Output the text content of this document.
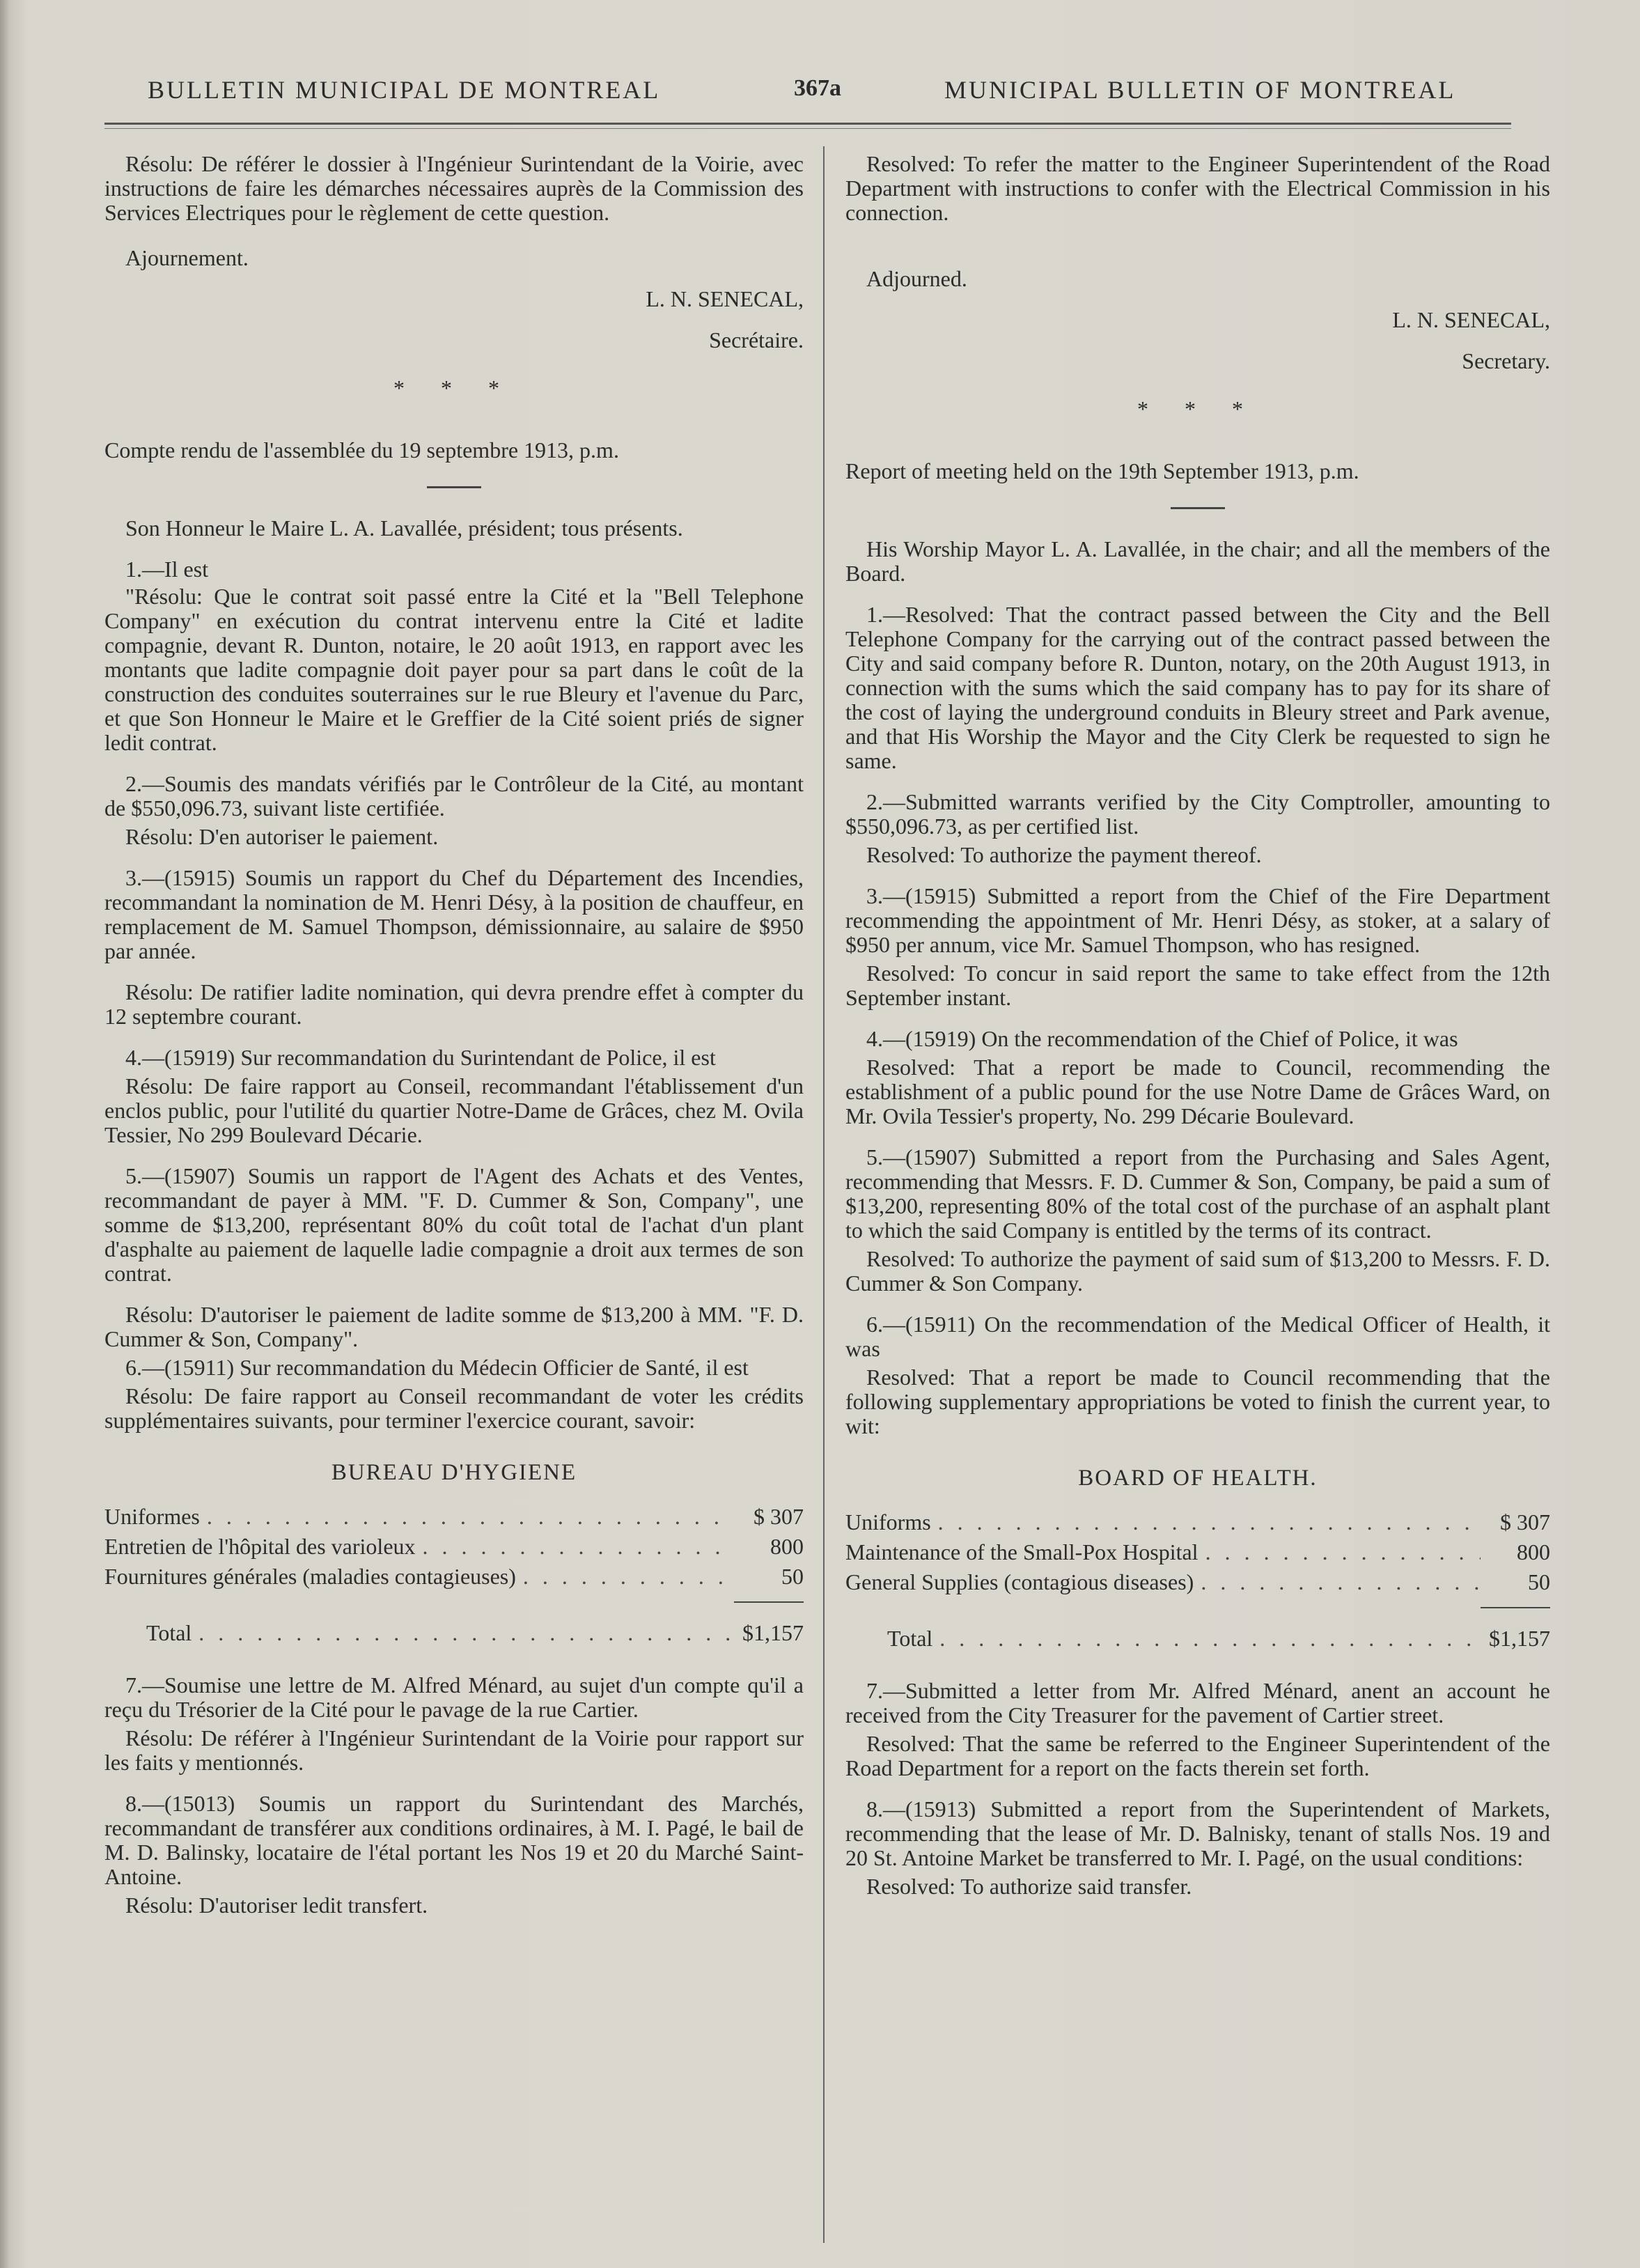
BULLETIN MUNICIPAL DE MONTREAL	367a	MUNICIPAL BULLETIN OF MONTREAL

Résolu: De référer le dossier à l'Ingénieur Surintendant de la Voirie, avec instructions de faire les démarches nécessaires auprès de la Commission des Services Electriques pour le règlement de cette question.

Ajournement.

L. N. SENECAL,

Secrétaire.

* * *

Compte rendu de l'assemblée du 19 septembre 1913, p.m.

Son Honneur le Maire L. A. Lavallée, président; tous présents.

1.—Il est

"Résolu: Que le contrat soit passé entre la Cité et la "Bell Telephone Company" en exécution du contrat intervenu entre la Cité et ladite compagnie, devant R. Dunton, notaire, le 20 août 1913, en rapport avec les montants que ladite compagnie doit payer pour sa part dans le coût de la construction des conduites souterraines sur le rue Bleury et l'avenue du Parc, et que Son Honneur le Maire et le Greffier de la Cité soient priés de signer ledit contrat.

2.—Soumis des mandats vérifiés par le Contrôleur de la Cité, au montant de $550,096.73, suivant liste certifiée.

Résolu: D'en autoriser le paiement.

3.—(15915) Soumis un rapport du Chef du Département des Incendies, recommandant la nomination de M. Henri Désy, à la position de chauffeur, en remplacement de M. Samuel Thompson, démissionnaire, au salaire de $950 par année.

Résolu: De ratifier ladite nomination, qui devra prendre effet à compter du 12 septembre courant.

4.—(15919) Sur recommandation du Surintendant de Police, il est

Résolu: De faire rapport au Conseil, recommandant l'établissement d'un enclos public, pour l'utilité du quartier Notre-Dame de Grâces, chez M. Ovila Tessier, No 299 Boulevard Décarie.

5.—(15907) Soumis un rapport de l'Agent des Achats et des Ventes, recommandant de payer à MM. "F. D. Cummer & Son, Company", une somme de $13,200, représentant 80% du coût total de l'achat d'un plant d'asphalte au paiement de laquelle ladie compagnie a droit aux termes de son contrat.

Résolu: D'autoriser le paiement de ladite somme de $13,200 à MM. "F. D. Cummer & Son, Company".

6.—(15911) Sur recommandation du Médecin Officier de Santé, il est

Résolu: De faire rapport au Conseil recommandant de voter les crédits supplémentaires suivants, pour terminer l'exercice courant, savoir:

BUREAU D'HYGIENE
Uniformes . . .	$ 307
Entretien de l'hôpital des varioleux . . .	800
Fournitures générales (maladies contagieuses) . . .	50
Total . . .	$1,157

7.—Soumise une lettre de M. Alfred Ménard, au sujet d'un compte qu'il a reçu du Trésorier de la Cité pour le pavage de la rue Cartier.

Résolu: De référer à l'Ingénieur Surintendant de la Voirie pour rapport sur les faits y mentionnés.

8.—(15013) Soumis un rapport du Surintendant des Marchés, recommandant de transférer aux conditions ordinaires, à M. I. Pagé, le bail de M. D. Balinsky, locataire de l'étal portant les Nos 19 et 20 du Marché Saint-Antoine.

Résolu: D'autoriser ledit transfert.

Resolved: To refer the matter to the Engineer Superintendent of the Road Department with instructions to confer with the Electrical Commission in his connection.

Adjourned.

L. N. SENECAL,

Secretary.

* * *

Report of meeting held on the 19th September 1913, p.m.

His Worship Mayor L. A. Lavallée, in the chair; and all the members of the Board.

1.—Resolved: That the contract passed between the City and the Bell Telephone Company for the carrying out of the contract passed between the City and said company before R. Dunton, notary, on the 20th August 1913, in connection with the sums which the said company has to pay for its share of the cost of laying the underground conduits in Bleury street and Park avenue, and that His Worship the Mayor and the City Clerk be requested to sign he same.

2.—Submitted warrants verified by the City Comptroller, amounting to $550,096.73, as per certified list.

Resolved: To authorize the payment thereof.

3.—(15915) Submitted a report from the Chief of the Fire Department recommending the appointment of Mr. Henri Désy, as stoker, at a salary of $950 per annum, vice Mr. Samuel Thompson, who has resigned.

Resolved: To concur in said report the same to take effect from the 12th September instant.

4.—(15919) On the recommendation of the Chief of Police, it was

Resolved: That a report be made to Council, recommending the establishment of a public pound for the use Notre Dame de Grâces Ward, on Mr. Ovila Tessier's property, No. 299 Décarie Boulevard.

5.—(15907) Submitted a report from the Purchasing and Sales Agent, recommending that Messrs. F. D. Cummer & Son, Company, be paid a sum of $13,200, representing 80% of the total cost of the purchase of an asphalt plant to which the said Company is entitled by the terms of its contract.

Resolved: To authorize the payment of said sum of $13,200 to Messrs. F. D. Cummer & Son Company.

6.—(15911) On the recommendation of the Medical Officer of Health, it was

Resolved: That a report be made to Council recommending that the following supplementary appropriations be voted to finish the current year, to wit:

BOARD OF HEALTH.
Uniforms . . .	$ 307
Maintenance of the Small-Pox Hospital . . .	800
General Supplies (contagious diseases) . . .	50
Total . . .	$1,157

7.—Submitted a letter from Mr. Alfred Ménard, anent an account he received from the City Treasurer for the pavement of Cartier street.

Resolved: That the same be referred to the Engineer Superintendent of the Road Department for a report on the facts therein set forth.

8.—(15913) Submitted a report from the Superintendent of Markets, recommending that the lease of Mr. D. Balnisky, tenant of stalls Nos. 19 and 20 St. Antoine Market be transferred to Mr. I. Pagé, on the usual conditions:

Resolved: To authorize said transfer.
